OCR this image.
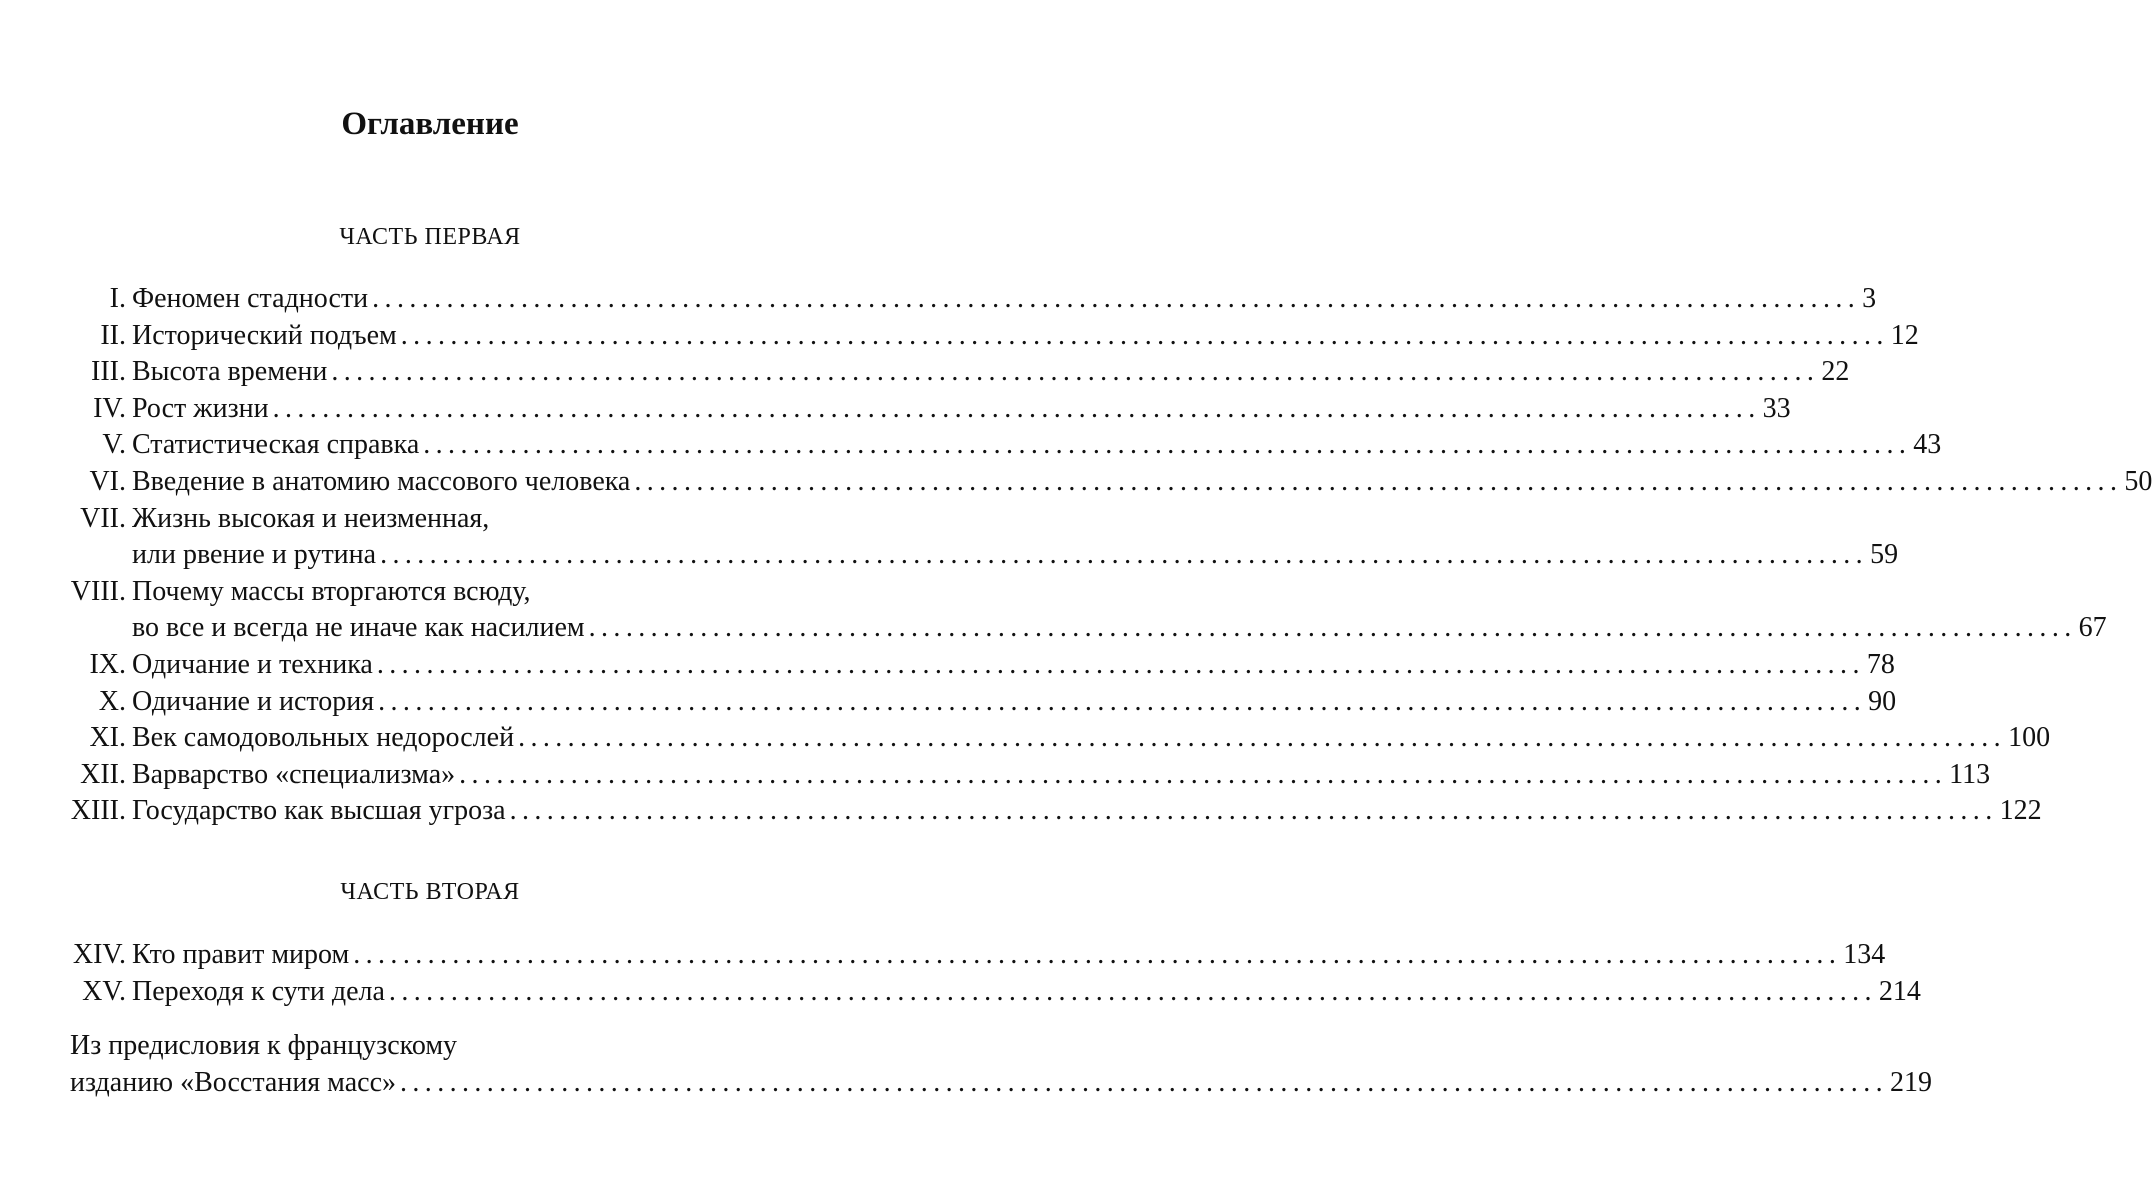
Оглавление
ЧАСТЬ ПЕРВАЯ
I. Феномен стадности ........................................................................................................................ 3
II. Исторический подъем ........................................................................................................................ 12
III. Высота времени ........................................................................................................................ 22
IV. Рост жизни ........................................................................................................................ 33
V. Статистическая справка ........................................................................................................................ 43
VI. Введение в анатомию массового человека ........................................................................................................................ 50
VII. Жизнь высокая и неизменная,
или рвение и рутина ........................................................................................................................ 59
VIII. Почему массы вторгаются всюду,
во все и всегда не иначе как насилием ........................................................................................................................ 67
IX. Одичание и техника ........................................................................................................................ 78
X. Одичание и история ........................................................................................................................ 90
XI. Век самодовольных недорослей ........................................................................................................................ 100
XII. Варварство «специализма» ........................................................................................................................ 113
XIII. Государство как высшая угроза ........................................................................................................................ 122
ЧАСТЬ ВТОРАЯ
XIV. Кто правит миром ........................................................................................................................ 134
XV. Переходя к сути дела ........................................................................................................................ 214
Из предисловия к французскому
изданию «Восстания масс» ........................................................................................................................ 219
